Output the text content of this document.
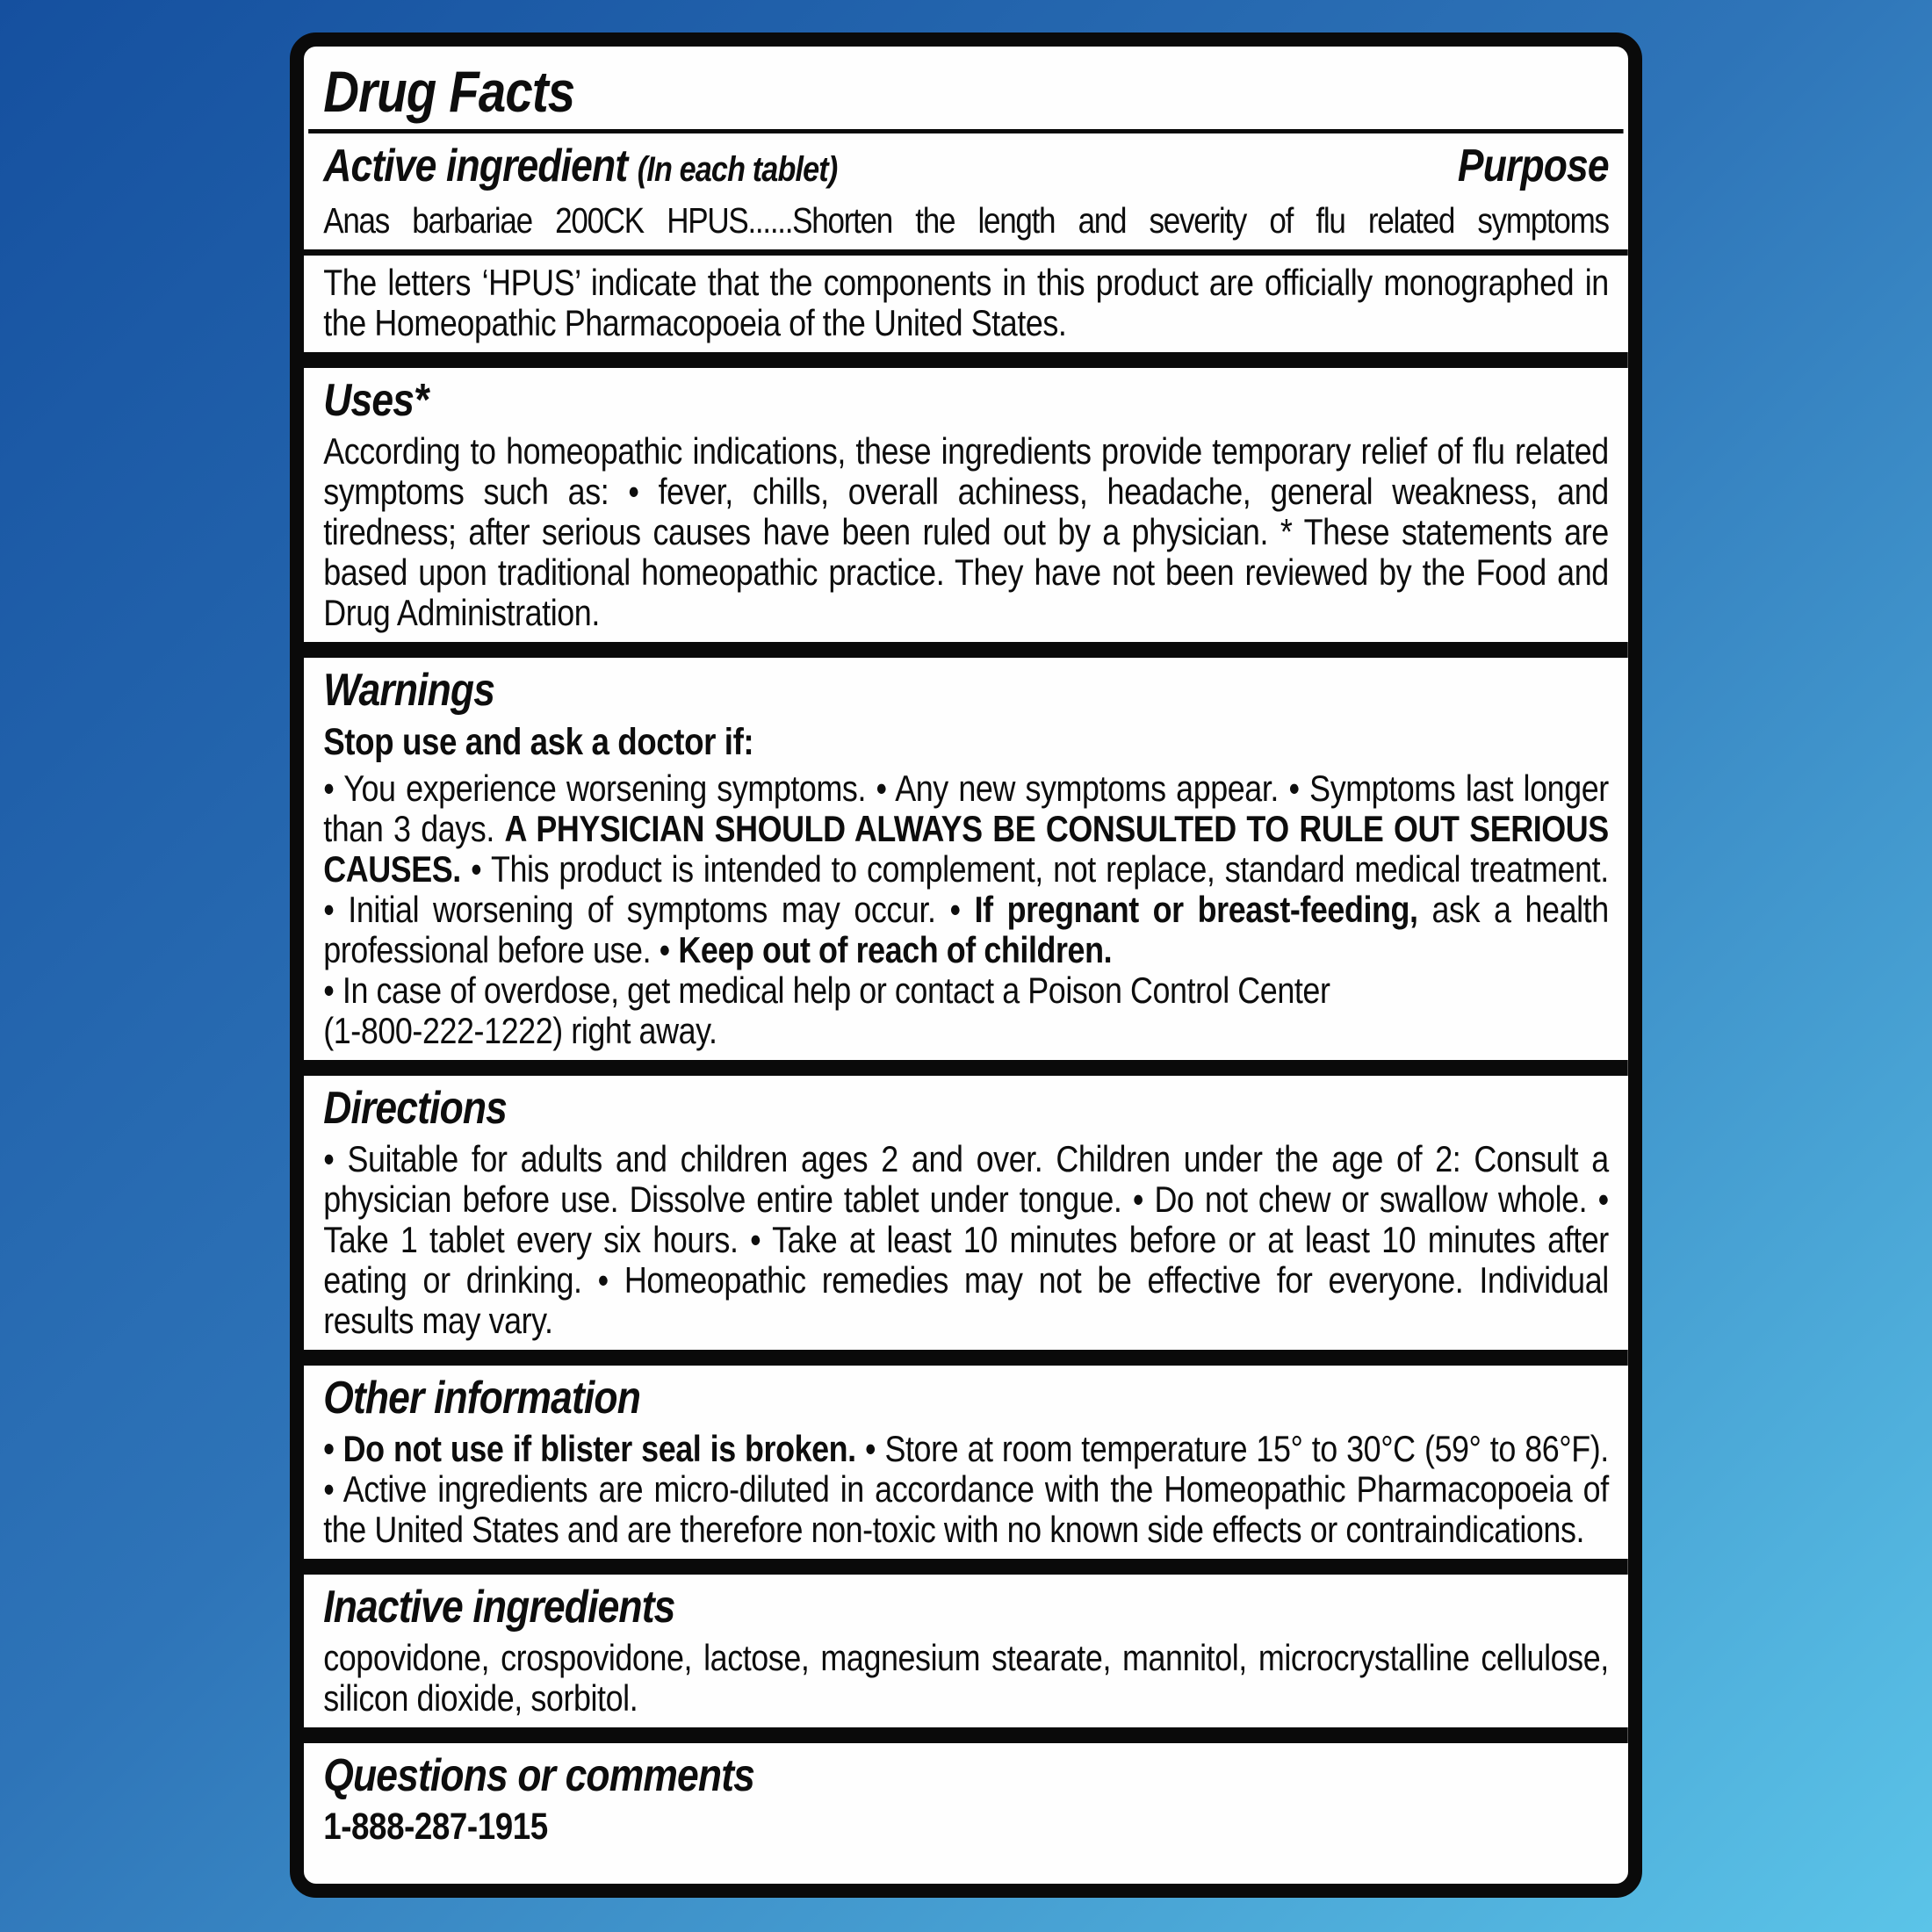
Drug Facts
Active ingredient (In each tablet)	Purpose

Anas barbariae 200CK HPUS......Shorten the length and severity of flu related symptoms

The letters ‘HPUS’ indicate that the components in this product are officially monographed in the Homeopathic Pharmacopoeia of the United States.

Uses*

According to homeopathic indications, these ingredients provide temporary relief of flu related symptoms such as: • fever, chills, overall achiness, headache, general weakness, and tiredness; after serious causes have been ruled out by a physician. * These statements are based upon traditional homeopathic practice. They have not been reviewed by the Food and Drug Administration.

Warnings

Stop use and ask a doctor if:

• You experience worsening symptoms. • Any new symptoms appear. • Symptoms last longer than 3 days. A PHYSICIAN SHOULD ALWAYS BE CONSULTED TO RULE OUT SERIOUS CAUSES. • This product is intended to complement, not replace, standard medical treatment. • Initial worsening of symptoms may occur. • If pregnant or breast-feeding, ask a health professional before use. • Keep out of reach of children.
• In case of overdose, get medical help or contact a Poison Control Center
(1-800-222-1222) right away.

Directions

• Suitable for adults and children ages 2 and over. Children under the age of 2: Consult a physician before use. Dissolve entire tablet under tongue. • Do not chew or swallow whole. • Take 1 tablet every six hours. • Take at least 10 minutes before or at least 10 minutes after eating or drinking. • Homeopathic remedies may not be effective for everyone. Individual results may vary.

Other information

• Do not use if blister seal is broken. • Store at room temperature 15° to 30°C (59° to 86°F). • Active ingredients are micro-diluted in accordance with the Homeopathic Pharmacopoeia of the United States and are therefore non-toxic with no known side effects or contraindications.

Inactive ingredients

copovidone, crospovidone, lactose, magnesium stearate, mannitol, microcrystalline cellulose, silicon dioxide, sorbitol.

Questions or comments

1-888-287-1915
